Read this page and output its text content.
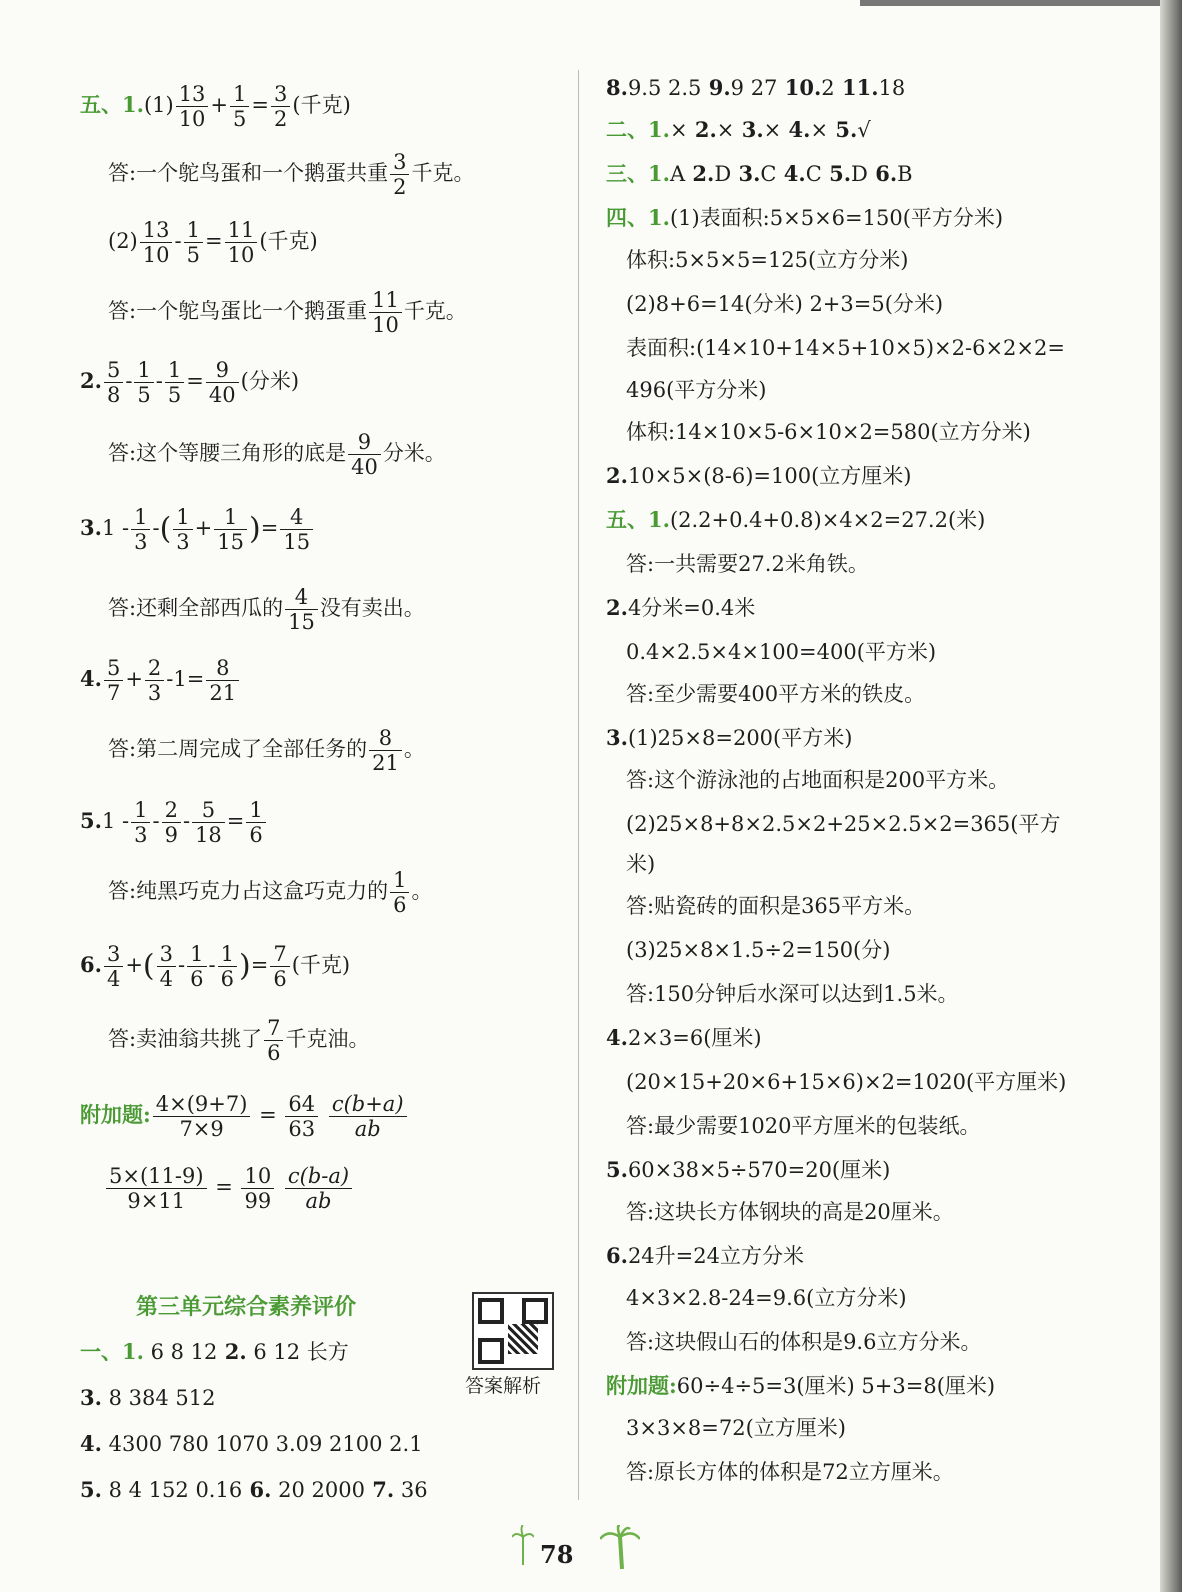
第三单元综合素养评价
答案解析
78
五、$1.(1) \frac{13}{10} + \frac{1}{5} = \frac{3}{2}$ (千克)
答:一个鸵鸟蛋和一个鹅蛋共重 $\frac{3}{2}$ 千克。
$(2) \frac{13}{10} - \frac{1}{5} = \frac{11}{10}$ (千克)
答:一个鸵鸟蛋比一个鹅蛋重 $\frac{11}{10}$ 千克。
2. $\frac{5}{8} - \frac{1}{5} - \frac{1}{5} = \frac{9}{40}$ (分米)
答:这个等腰三角形的底是 $\frac{9}{40}$ 分米。
$3.1 - \frac{1}{3}$ -( $\frac{1}{3} + \frac{1}{15}$ )= $\frac{4}{15}$
答:还剩全部西瓜的 $\frac{4}{15}$ 没有卖出。
4. $\frac{5}{7} + \frac{2}{3} -1= \frac{8}{21}$
答:第二周完成了全部任务的 $\frac{8}{21}$ 。
$5.1 - \frac{1}{3} - \frac{2}{9} - \frac{5}{18} = \frac{1}{6}$
答:纯黑巧克力占这盒巧克力的 $\frac{1}{6}$ 。
6. $\frac{3}{4}$ +( $\frac{3}{4} - \frac{1}{6} - \frac{1}{6}$ )= $\frac{7}{6}$ (千克)
答:卖油翁共挑了 $\frac{7}{6}$ 千克油。
附加题: $\frac{4\times(9+7)}{7\times 9} = \frac{64}{63}$
$\frac{c(b+a)}{ab}$
$\frac{5\times(11-9)}{9\times 11} = \frac{10}{99}$
$\frac{c(b-a)}{ab}$
一、1. 6 8 12 2. 6 12 长方
3. 8 384 512
4. 4300 780 1070 3.09 2100 2.1
5. 8 4 152 0.16 6. 20 2000 7. 36
8.9.5 2.5 9.9 27 10.2 11.18
二、1.× 2.× 3.× 4.× 5.√
三、1.A 2.D 3.C 4.C 5.D 6.B
四、1.(1)表面积:5×5×6=150(平方分米)
体积:5×5×5=125(立方分米)
(2)8+6=14(分米) 2+3=5(分米)
表面积:(14×10+14×5+10×5)×2-6×2×2=
496(平方分米)
体积:14×10×5-6×10×2=580(立方分米)
2.10×5×(8-6)=100(立方厘米)
五、1.(2.2+0.4+0.8)×4×2=27.2(米)
答:一共需要27.2米角铁。
2.4分米=0.4米
0.4×2.5×4×100=400(平方米)
答:至少需要400平方米的铁皮。
3.(1)25×8=200(平方米)
答:这个游泳池的占地面积是200平方米。
(2)25×8+8×2.5×2+25×2.5×2=365(平方
米)
答:贴瓷砖的面积是365平方米。
(3)25×8×1.5÷2=150(分)
答:150分钟后水深可以达到1.5米。
4.2×3=6(厘米)
(20×15+20×6+15×6)×2=1020(平方厘米)
答:最少需要1020平方厘米的包装纸。
5.60×38×5÷570=20(厘米)
答:这块长方体钢块的高是20厘米。
6.24升=24立方分米
4×3×2.8-24=9.6(立方分米)
答:这块假山石的体积是9.6立方分米。
附加题:60÷4÷5=3(厘米) 5+3=8(厘米)
3×3×8=72(立方厘米)
答:原长方体的体积是72立方厘米。
